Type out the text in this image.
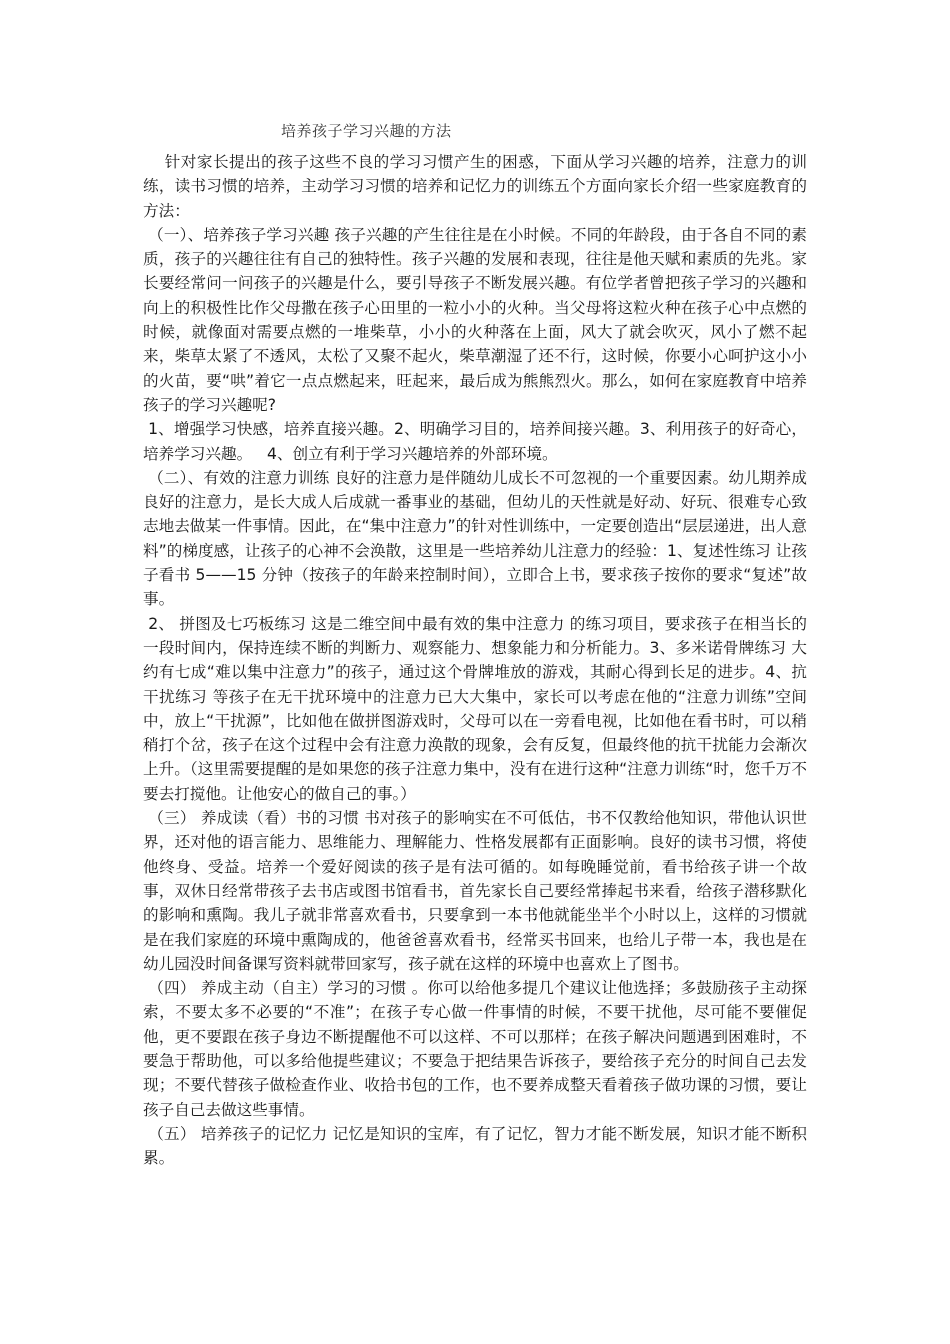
培养孩子学习兴趣的方法

针对家长提出的孩子这些不良的学习习惯产生的困惑，下面从学习兴趣的培养，注意力的训练，读书习惯的培养，主动学习习惯的培养和记忆力的训练五个方面向家长介绍一些家庭教育的方法：

（一）、培养孩子学习兴趣 孩子兴趣的产生往往是在小时候。不同的年龄段，由于各自不同的素质，孩子的兴趣往往有自己的独特性。孩子兴趣的发展和表现，往往是他天赋和素质的先兆。家长要经常问一问孩子的兴趣是什么，要引导孩子不断发展兴趣。有位学者曾把孩子学习的兴趣和向上的积极性比作父母撒在孩子心田里的一粒小小的火种。当父母将这粒火种在孩子心中点燃的时候，就像面对需要点燃的一堆柴草，小小的火种落在上面，风大了就会吹灭，风小了燃不起来，柴草太紧了不透风，太松了又聚不起火，柴草潮湿了还不行，这时候，你要小心呵护这小小的火苗，要“哄”着它一点点燃起来，旺起来，最后成为熊熊烈火。那么，如何在家庭教育中培养孩子的学习兴趣呢?

1、增强学习快感，培养直接兴趣。2、明确学习目的，培养间接兴趣。3、利用孩子的好奇心，培养学习兴趣。   4、创立有利于学习兴趣培养的外部环境。

（二）、有效的注意力训练 良好的注意力是伴随幼儿成长不可忽视的一个重要因素。幼儿期养成良好的注意力，是长大成人后成就一番事业的基础，但幼儿的天性就是好动、好玩、很难专心致志地去做某一件事情。因此，在“集中注意力”的针对性训练中，一定要创造出“层层递进，出人意料”的梯度感，让孩子的心神不会涣散，这里是一些培养幼儿注意力的经验：1、复述性练习 让孩子看书 5——15 分钟（按孩子的年龄来控制时间），立即合上书，要求孩子按你的要求“复述”故事。

2、 拼图及七巧板练习 这是二维空间中最有效的集中注意力 的练习项目，要求孩子在相当长的一段时间内，保持连续不断的判断力、观察能力、想象能力和分析能力。3、多米诺骨牌练习 大约有七成“难以集中注意力”的孩子，通过这个骨牌堆放的游戏，其耐心得到长足的进步。4、抗干扰练习 等孩子在无干扰环境中的注意力已大大集中，家长可以考虑在他的“注意力训练”空间中，放上“干扰源”，比如他在做拼图游戏时，父母可以在一旁看电视，比如他在看书时，可以稍稍打个岔，孩子在这个过程中会有注意力涣散的现象，会有反复，但最终他的抗干扰能力会渐次上升。（这里需要提醒的是如果您的孩子注意力集中，没有在进行这种“注意力训练“时，您千万不要去打搅他。让他安心的做自己的事。）

（三） 养成读（看）书的习惯 书对孩子的影响实在不可低估，书不仅教给他知识，带他认识世界，还对他的语言能力、思维能力、理解能力、性格发展都有正面影响。良好的读书习惯，将使他终身、受益。培养一个爱好阅读的孩子是有法可循的。如每晚睡觉前，看书给孩子讲一个故事，双休日经常带孩子去书店或图书馆看书，首先家长自己要经常捧起书来看，给孩子潜移默化的影响和熏陶。我儿子就非常喜欢看书，只要拿到一本书他就能坐半个小时以上，这样的习惯就是在我们家庭的环境中熏陶成的，他爸爸喜欢看书，经常买书回来，也给儿子带一本，我也是在幼儿园没时间备课写资料就带回家写，孩子就在这样的环境中也喜欢上了图书。

（四） 养成主动（自主）学习的习惯 。你可以给他多提几个建议让他选择；多鼓励孩子主动探索，不要太多不必要的“不准”；在孩子专心做一件事情的时候，不要干扰他，尽可能不要催促他，更不要跟在孩子身边不断提醒他不可以这样、不可以那样；在孩子解决问题遇到困难时，不要急于帮助他，可以多给他提些建议；不要急于把结果告诉孩子，要给孩子充分的时间自己去发现；不要代替孩子做检查作业、收拾书包的工作，也不要养成整天看着孩子做功课的习惯，要让孩子自己去做这些事情。

（五） 培养孩子的记忆力 记忆是知识的宝库，有了记忆，智力才能不断发展，知识才能不断积累。
